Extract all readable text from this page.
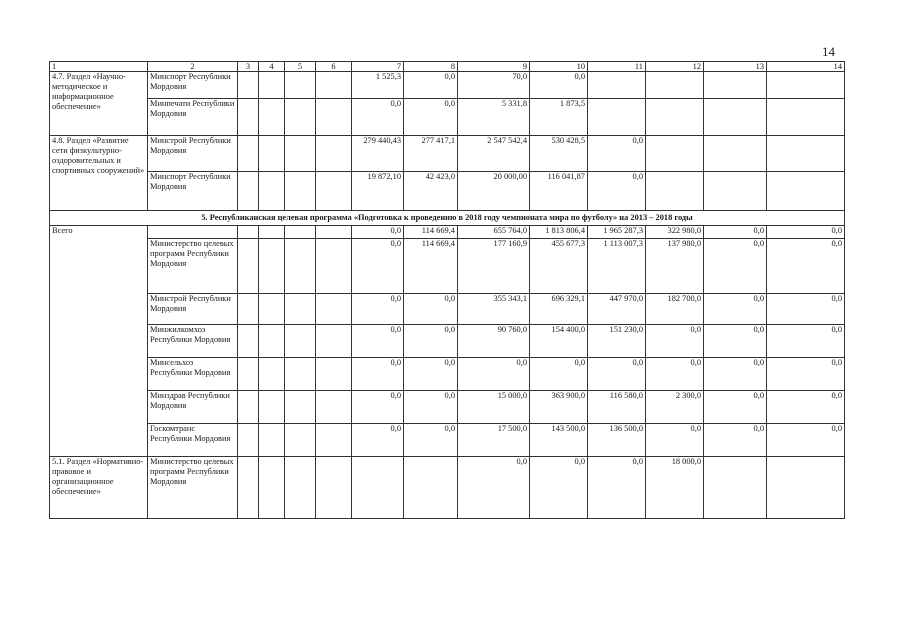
14
1	2	3	4	5	6	7	8	9	10	11	12	13	14
4.7. Раздел «Научно-методическое и информационное обеспечение»	Минспорт Республики Мордовия					1 525,3	0,0	70,0	0,0				
	Минпечати Республики Мордовия					0,0	0,0	5 331,8	1 873,5				
4.8. Раздел «Развитие сети физкультурно-оздоровительных и спортивных сооружений»	Минстрой Республики Мордовия					279 440,43	277 417,1	2 547 542,4	530 428,5	0,0			
	Минспорт Республики Мордовия					19 872,10	42 423,0	20 000,00	116 041,87	0,0			
5. Республиканская целевая программа «Подготовка к проведению в 2018 году чемпионата мира по футболу» на 2013 – 2018 годы													
Всего						0,0	114 669,4	655 764,0	1 813 806,4	1 965 287,3	322 980,0	0,0	0,0
	Министерство целевых программ Республики Мордовия					0,0	114 669,4	177 160,9	455 677,3	1 113 007,3	137 980,0	0,0	0,0
	Минстрой Республики Мордовия					0,0	0,0	355 343,1	696 329,1	447 970,0	182 700,0	0,0	0,0
	Минжилкомхоз Республики Мордовия					0,0	0,0	90 760,0	154 400,0	151 230,0	0,0	0,0	0,0
	Минсельхоз Республики Мордовия					0,0	0,0	0,0	0,0	0,0	0,0	0,0	0,0
	Минздрав Республики Мордовия					0,0	0,0	15 000,0	363 900,0	116 580,0	2 300,0	0,0	0,0
	Госкомтранс Республики Мордовия					0,0	0,0	17 500,0	143 500,0	136 500,0	0,0	0,0	0,0
5.1. Раздел «Нормативно-правовое и организационное обеспечение»	Министерство целевых программ Республики Мордовия							0,0	0,0	0,0	18 000,0		
